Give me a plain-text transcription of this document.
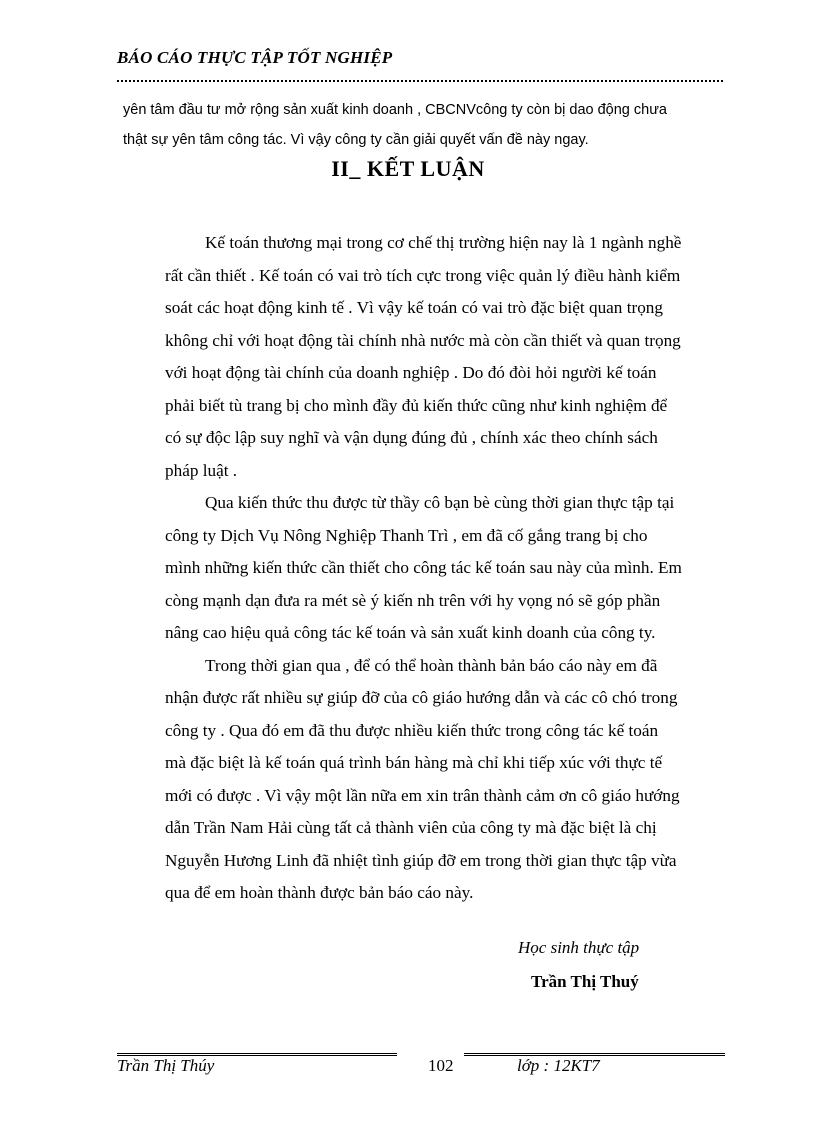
BÁO CÁO THỰC TẬP TỐT NGHIỆP

yên tâm đầu tư mở rộng sản xuất kinh doanh , CBCNVcông ty còn bị dao động chưa

thật sự yên tâm công tác. Vì vậy công ty cần giải quyết vấn đề này ngay.

II_ KẾT LUẬN

Kế toán thương mại trong cơ chế thị trường hiện nay là 1 ngành nghề
rất cần thiết . Kế toán có vai trò tích cực trong việc quản lý điều hành kiểm
soát các hoạt động kinh tế . Vì vậy kế toán có vai trò đặc biệt quan trọng
không chỉ với hoạt động tài chính nhà nước mà còn cần thiết và quan trọng
với hoạt động tài chính của doanh nghiệp . Do đó đòi hỏi người kế toán
phải biết tù trang bị cho mình đầy đủ kiến thức cũng như kinh nghiệm để
có sự độc lập suy nghĩ và vận dụng đúng đủ , chính xác theo chính sách
pháp luật .

Qua kiến thức thu được từ thầy cô bạn bè cùng thời gian thực tập tại
công ty Dịch Vụ Nông Nghiệp Thanh Trì , em đã cố gắng trang bị cho
mình những kiến thức cần thiết cho công tác kế toán sau này của mình. Em
còng mạnh dạn đưa ra mét sè ý kiến nh trên với hy vọng nó sẽ góp phần
nâng cao hiệu quả công tác kế toán và sản xuất kinh doanh của công ty.

Trong thời gian qua , để có thể hoàn thành bản báo cáo này em đã
nhận được rất nhiều sự giúp đỡ của cô giáo hướng dẫn và các cô chó trong
công ty . Qua đó em đã thu được nhiều kiến thức trong công tác kế toán
mà đặc biệt là kế toán quá trình bán hàng mà chỉ khi tiếp xúc với thực tế
mới có được . Vì vậy một lần nữa em xin trân thành cảm ơn cô giáo hướng
dẫn Trần Nam Hải cùng tất cả thành viên của công ty mà đặc biệt là chị
Nguyễn Hương Linh đã nhiệt tình giúp đỡ em trong thời gian thực tập vừa
qua để em hoàn thành được bản báo cáo này.

Học sinh thực tập
Trần Thị Thuý
Trần Thị Thúy	102	lớp : 12KT7
